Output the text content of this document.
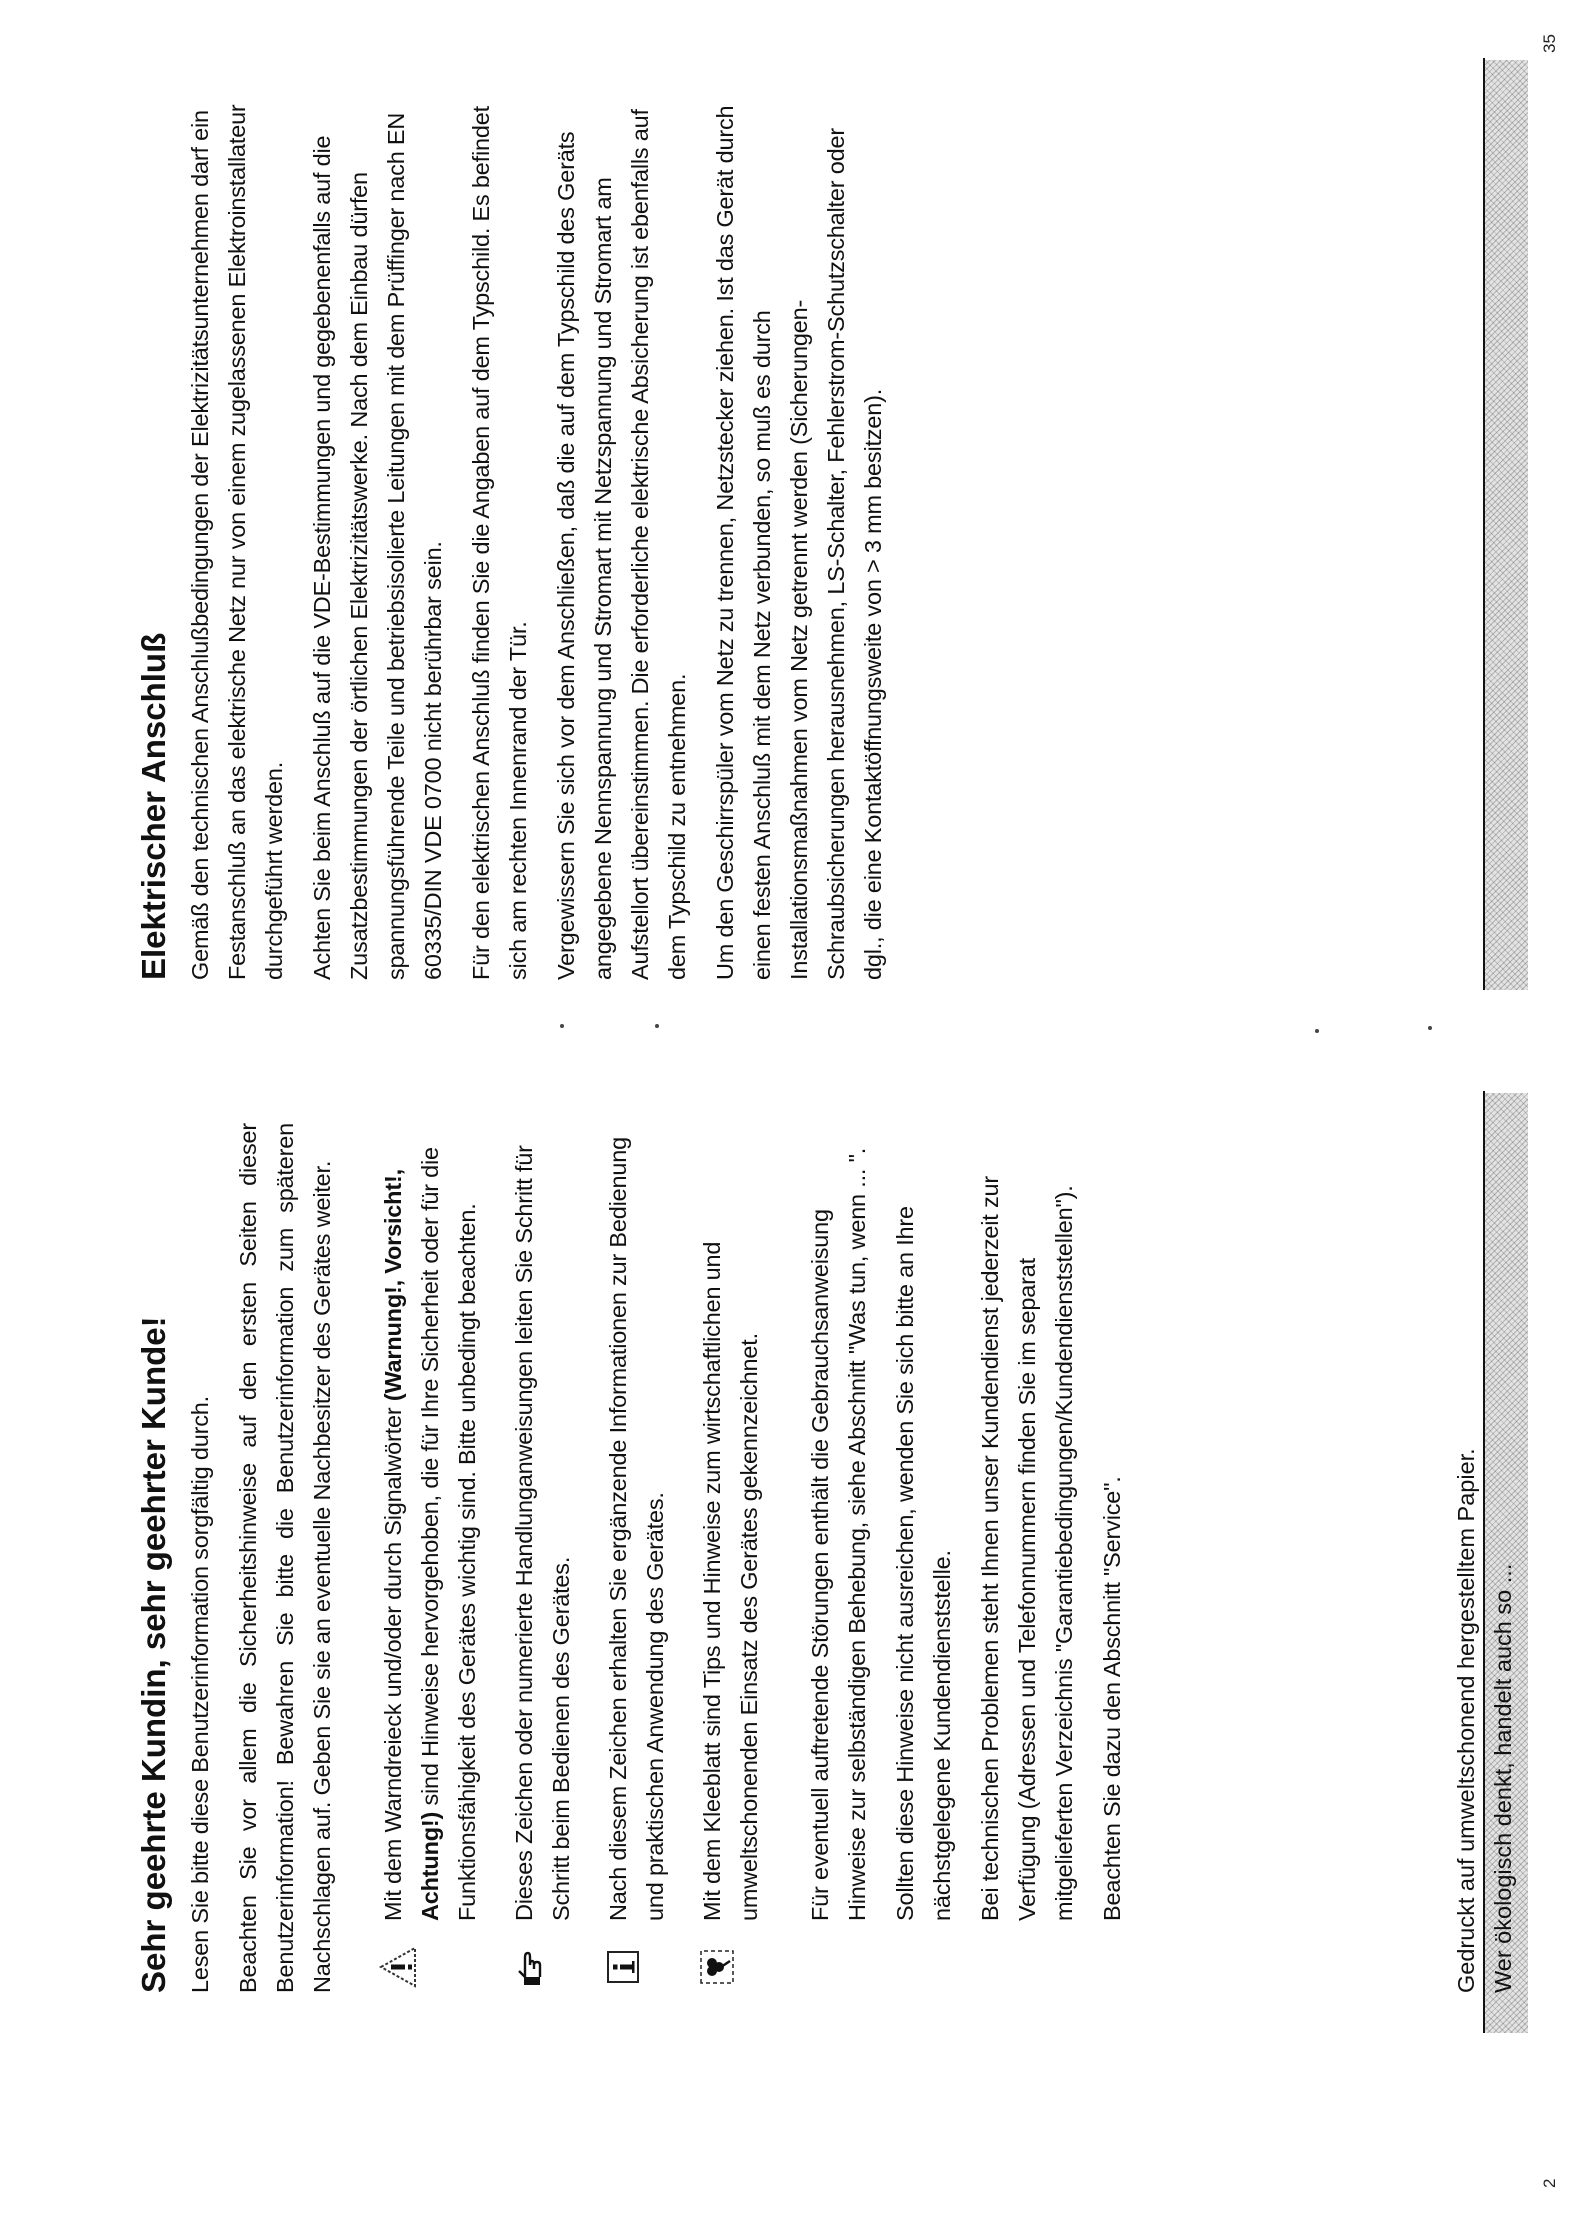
2
Sehr geehrte Kundin, sehr geehrter Kunde! Lesen Sie bitte diese Benutzerinformation sorgfältig durch. Beachten Sie vor allem die Sicherheitshinweise auf den ersten Seiten dieser Benutzerinformation! Bewahren Sie bitte die Benutzerinformation zum späteren Nachschlagen auf. Geben Sie sie an eventuelle Nachbesitzer des Gerätes weiter. Mit dem Warndreieck und/oder durch Signalwörter (Warnung!, Vorsicht!, Achtung!) sind Hinweise hervorgehoben, die für Ihre Sicherheit oder für die Funktionsfähigkeit des Gerätes wichtig sind. Bitte unbedingt beachten. Dieses Zeichen oder numerierte Handlunganweisungen leiten Sie Schritt für Schritt beim Bedienen des Gerätes. Nach diesem Zeichen erhalten Sie ergänzende Informationen zur Bedienung und praktischen Anwendung des Gerätes. Mit dem Kleeblatt sind Tips und Hinweise zum wirtschaftlichen und umweltschonenden Einsatz des Gerätes gekennzeichnet. Für eventuell auftretende Störungen enthält die Gebrauchsanweisung Hinweise zur selbständigen Behebung, siehe Abschnitt "Was tun, wenn ... ". Sollten diese Hinweise nicht ausreichen, wenden Sie sich bitte an Ihre nächstgelegene Kundendienststelle. Bei technischen Problemen steht Ihnen unser Kundendienst jederzeit zur Verfügung (Adressen und Telefonnummern finden Sie im separat mitgelieferten Verzeichnis "Garantiebedingungen/Kundendienststellen"). Beachten Sie dazu den Abschnitt "Service".	Gedruckt auf umweltschonend hergestelltem Papier. Wer ökologisch denkt, handelt auch so ...
35
Elektrischer Anschluß Gemäß den technischen Anschlußbedingungen der Elektrizitätsunternehmen darf ein Festanschluß an das elektrische Netz nur von einem zugelassenen Elektroinstallateur durchgeführt werden. Achten Sie beim Anschluß auf die VDE-Bestimmungen und gegebenenfalls auf die Zusatzbestimmungen der örtlichen Elektrizitätswerke. Nach dem Einbau dürfen spannungsführende Teile und betriebsisolierte Leitungen mit dem Prüffinger nach EN 60335/DIN VDE 0700 nicht berührbar sein. Für den elektrischen Anschluß finden Sie die Angaben auf dem Typschild. Es befindet sich am rechten Innenrand der Tür. Vergewissern Sie sich vor dem Anschließen, daß die auf dem Typschild des Geräts angegebene Nennspannung und Stromart mit Netzspannung und Stromart am Aufstellort übereinstimmen. Die erforderliche elektrische Absicherung ist ebenfalls auf dem Typschild zu entnehmen. Um den Geschirrspüler vom Netz zu trennen, Netzstecker ziehen. Ist das Gerät durch einen festen Anschluß mit dem Netz verbunden, so muß es durch Installationsmaßnahmen vom Netz getrennt werden (Sicherungen-Schraubsicherungen herausnehmen, LS-Schalter, Fehlerstrom-Schutzschalter oder dgl., die eine Kontaktöffnungsweite von > 3 mm besitzen).
